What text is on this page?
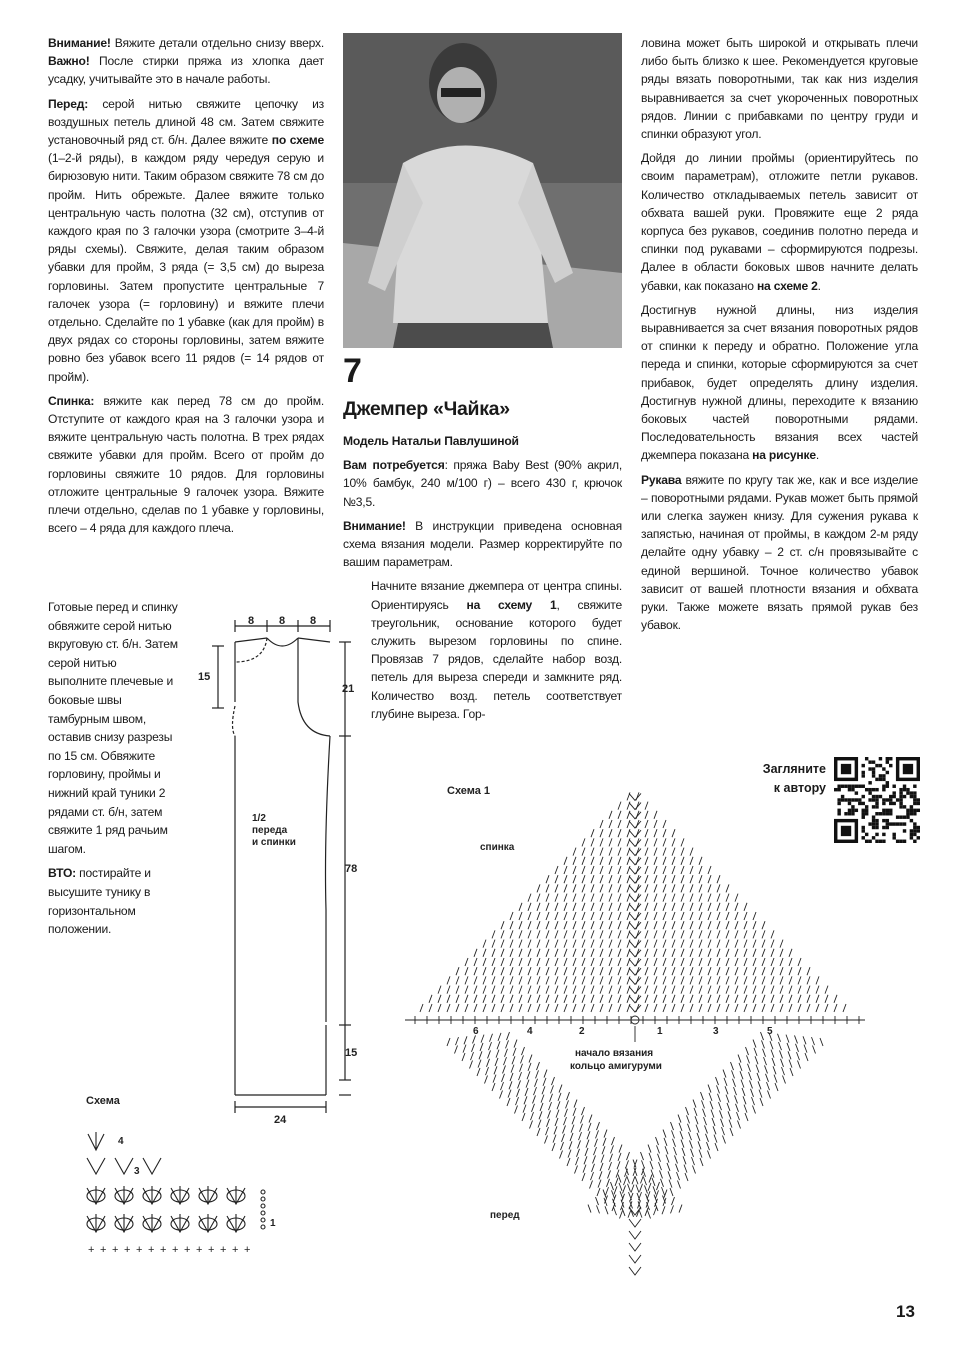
Внимание! Вяжите детали отдельно снизу вверх. Важно! После стирки пряжа из хлопка дает усадку, учитывайте это в начале работы.

Перед: серой нитью свяжите цепочку из воздушных петель длиной 48 см. Затем свяжите установочный ряд ст. б/н. Далее вяжите по схеме (1–2-й ряды), в каждом ряду чередуя серую и бирюзовую нити. Таким образом свяжите 78 см до пройм. Нить обрежьте. Далее вяжите только центральную часть полотна (32 см), отступив от каждого края по 3 галочки узора (смотрите 3–4-й ряды схемы). Свяжите, делая таким образом убавки для пройм, 3 ряда (= 3,5 см) до выреза горловины. Затем пропустите центральные 7 галочек узора (= горловину) и вяжите плечи отдельно. Сделайте по 1 убавке (как для пройм) в двух рядах со стороны горловины, затем вяжите ровно без убавок всего 11 рядов (= 14 рядов от пройм).

Спинка: вяжите как перед 78 см до пройм. Отступите от каждого края на 3 галочки узора и вяжите центральную часть полотна. В трех рядах свяжите убавки для пройм. Всего от пройм до горловины свяжите 10 рядов. Для горловины отложите центральные 9 галочек узора. Вяжите плечи отдельно, сделав по 1 убавке у горловины, всего – 4 ряда для каждого плеча.

Готовые перед и спинку обвяжите серой нитью вкруговую ст. б/н. Затем серой нитью выполните плечевые и боковые швы тамбурным швом, оставив снизу разрезы по 15 см. Обвяжите горловину, проймы и нижний край туники 2 рядами ст. б/н, затем свяжите 1 ряд рачьим шагом.

ВТО: постирайте и высушите тунику в горизонтальном положении.

8 8 8
15
21
78
15
24
1/2
переда
и спинки
Схема
+ + + + + + + + + + + + + +
1
3
4
7
Джемпер «Чайка»

Модель Натальи Павлушиной

Вам потребуется: пряжа Baby Best (90% акрил, 10% бамбук, 240 м/100 г) – всего 430 г, крючок №3,5.

Внимание! В инструкции приведена основная схема вязания модели. Размер корректируйте по вашим параметрам.

Начните вязание джемпера от центра спины. Ориентируясь на схему 1, свяжите треугольник, основание которого будет служить вырезом горловины по спине. Провязав 7 рядов, сделайте набор возд. петель для выреза спереди и замкните ряд. Количество возд. петель соответствует глубине выреза. Гор-

ловина может быть широкой и открывать плечи либо быть близко к шее. Рекомендуется круговые ряды вязать поворотными, так как низ изделия выравнивается за счет укороченных поворотных рядов. Линии с прибавками по центру груди и спинки образуют угол.

Дойдя до линии проймы (ориентируйтесь по своим параметрам), отложите петли рукавов. Количество откладываемых петель зависит от обхвата вашей руки. Провяжите еще 2 ряда корпуса без рукавов, соединив полотно переда и спинки под рукавами – сформируются подрезы. Далее в области боковых швов начните делать убавки, как показано на схеме 2.

Достигнув нужной длины, низ изделия выравнивается за счет вязания поворотных рядов от спинки к переду и обратно. Положение угла переда и спинки, которые сформируются за счет прибавок, будет определять длину изделия. Достигнув нужной длины, переходите к вязанию боковых частей поворотными рядами. Последовательность вязания всех частей джемпера показана на рисунке.

Рукава вяжите по кругу так же, как и все изделие – поворотными рядами. Рукав может быть прямой или слегка заужен книзу. Для сужения рукава к запястью, начиная от проймы, в каждом 2-м ряду делайте одну убавку – 2 ст. с/н провязывайте с единой вершиной. Точное количество убавок зависит от вашей плотности вязания и обхвата руки. Также можете вязать прямой рукав без убавок.

Загляните
к автору
Схема 1
спинка
перед
начало вязания
кольцо амигуруми
6	4	2	1	3	5
13
